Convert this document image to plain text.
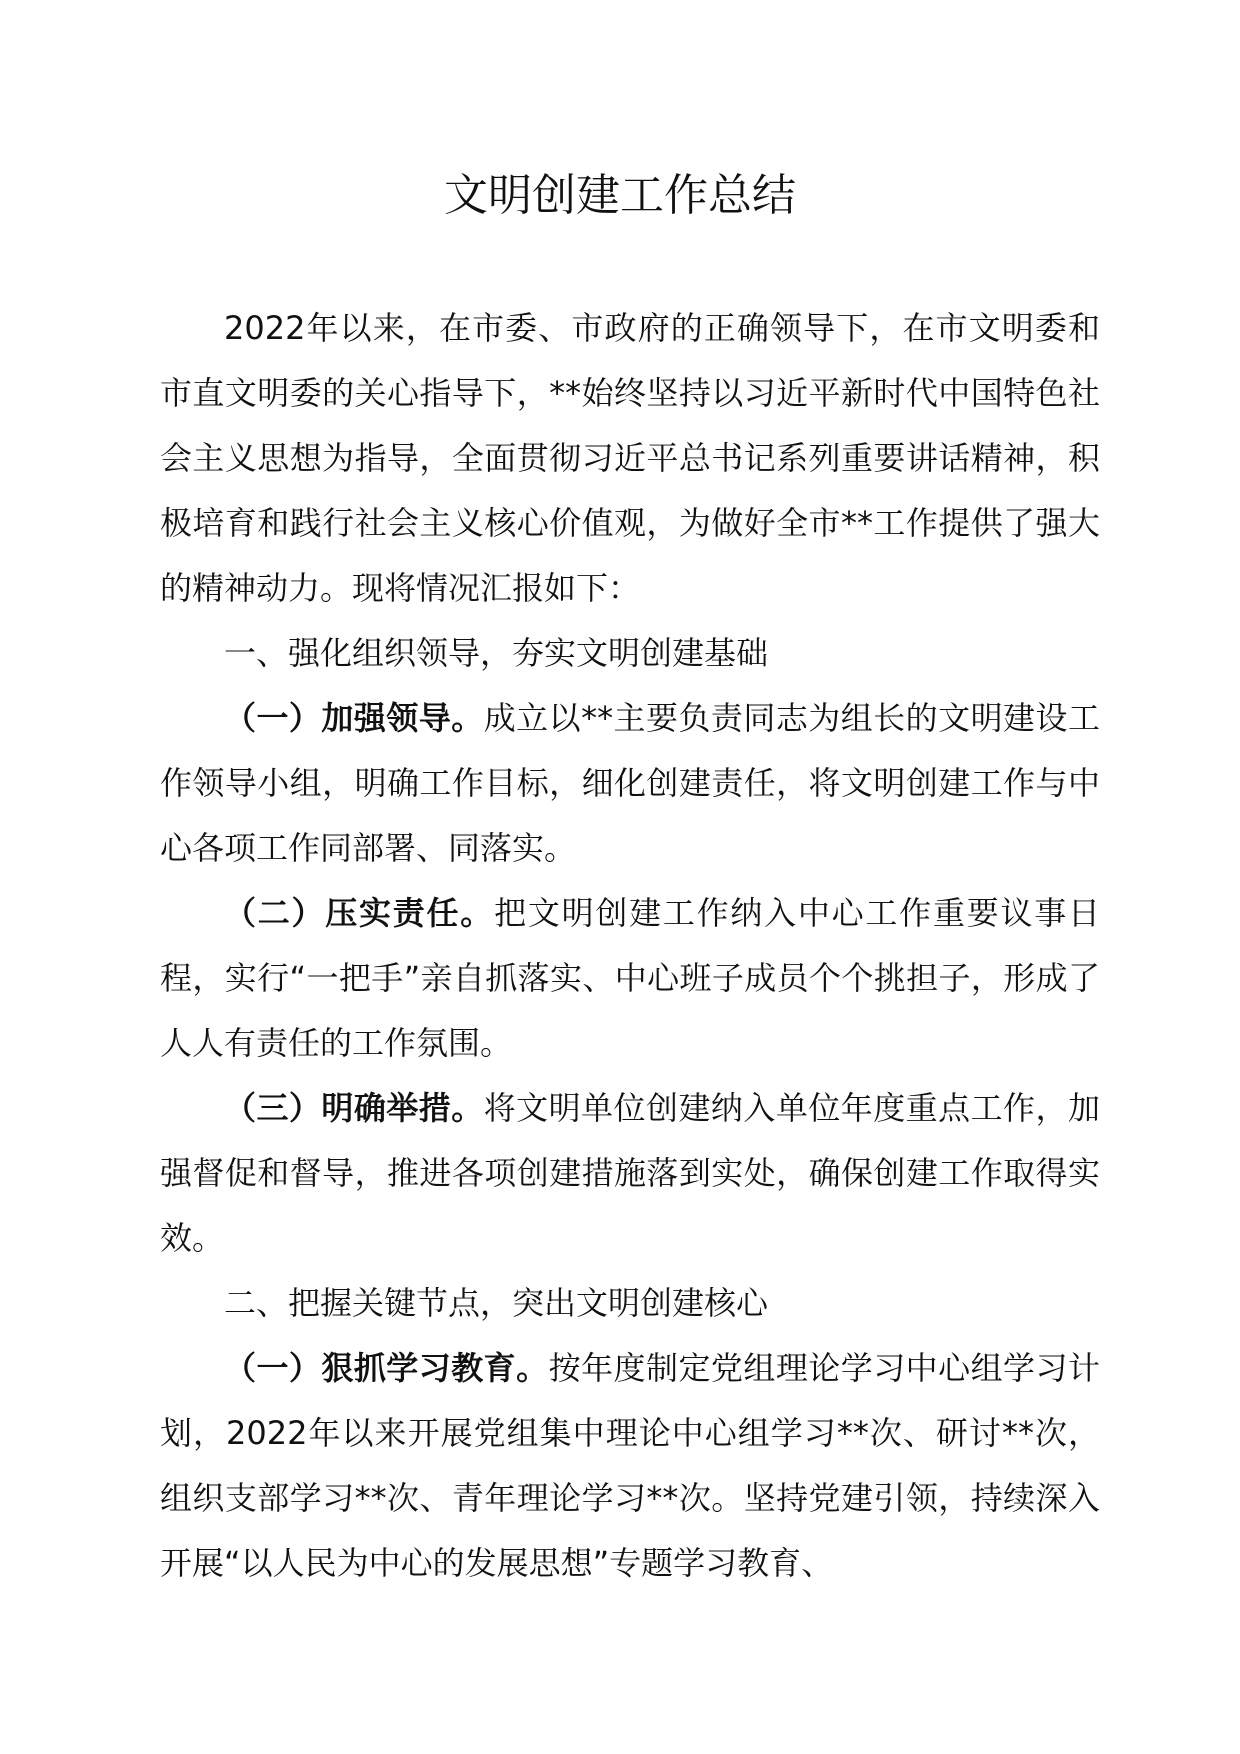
文明创建工作总结

2022年以来，在市委、市政府的正确领导下，在市文明委和市直文明委的关心指导下，**始终坚持以习近平新时代中国特色社会主义思想为指导，全面贯彻习近平总书记系列重要讲话精神，积极培育和践行社会主义核心价值观，为做好全市**工作提供了强大的精神动力。现将情况汇报如下：

一、强化组织领导，夯实文明创建基础

（一）加强领导。成立以**主要负责同志为组长的文明建设工作领导小组，明确工作目标，细化创建责任，将文明创建工作与中心各项工作同部署、同落实。

（二）压实责任。把文明创建工作纳入中心工作重要议事日程，实行“一把手”亲自抓落实、中心班子成员个个挑担子，形成了人人有责任的工作氛围。

（三）明确举措。将文明单位创建纳入单位年度重点工作，加强督促和督导，推进各项创建措施落到实处，确保创建工作取得实效。

二、把握关键节点，突出文明创建核心

（一）狠抓学习教育。按年度制定党组理论学习中心组学习计划，2022年以来开展党组集中理论中心组学习**次、研讨**次，组织支部学习**次、青年理论学习**次。坚持党建引领，持续深入开展“以人民为中心的发展思想”专题学习教育、
